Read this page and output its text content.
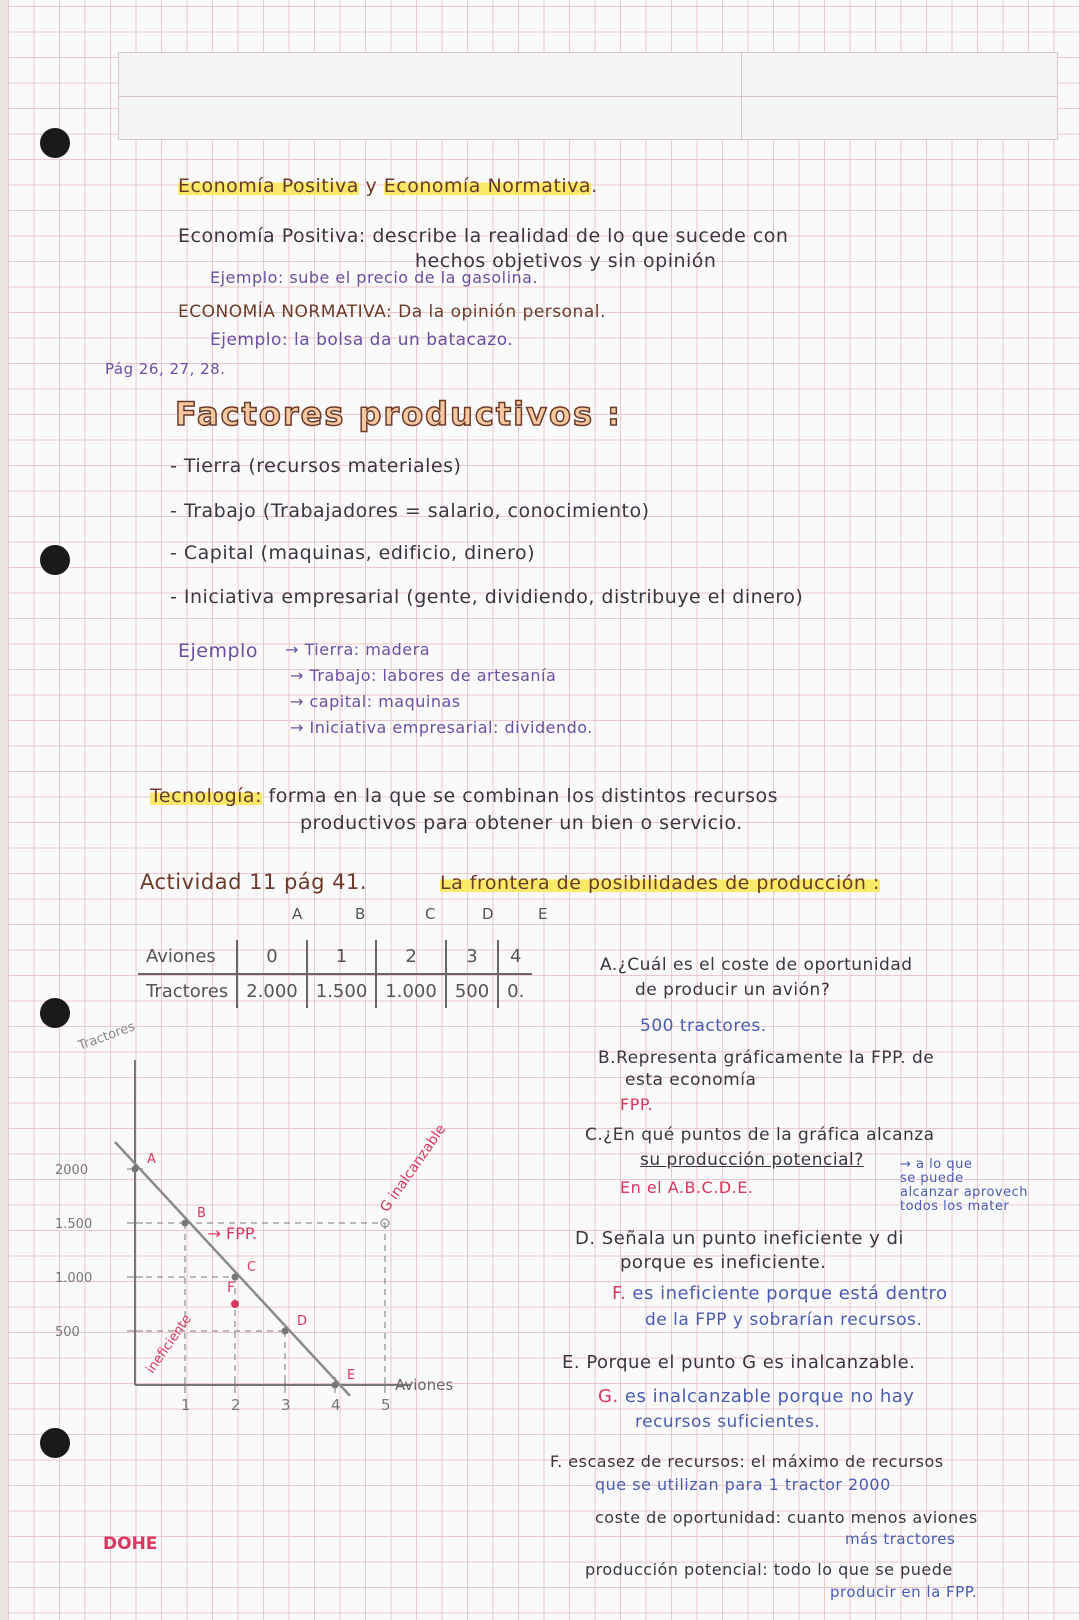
Economía Positiva y Economía Normativa.
Economía Positiva: describe la realidad de lo que sucede con
hechos objetivos y sin opinión
Ejemplo: sube el precio de la gasolina.
ECONOMÍA NORMATIVA: Da la opinión personal.
Ejemplo: la bolsa da un batacazo.
Pág 26, 27, 28.
Factores productivos :
- Tierra (recursos materiales)
- Trabajo (Trabajadores = salario, conocimiento)
- Capital (maquinas, edificio, dinero)
- Iniciativa empresarial (gente, dividiendo, distribuye el dinero)
Ejemplo → Tierra: madera
→ Trabajo: labores de artesanía
→ capital: maquinas
→ Iniciativa empresarial: dividendo.
Tecnología: forma en la que se combinan los distintos recursos
productivos para obtener un bien o servicio.
Actividad 11 pág 41.	La frontera de posibilidades de producción :
A	B	C	D	E
Aviones	0	1	2	3	4
Tractores	2.000	1.500	1.000	500	0.
A.¿Cuál es el coste de oportunidad
de producir un avión?
500 tractores.
B.Representa gráficamente la FPP. de
esta economía
FPP.
C.¿En qué puntos de la gráfica alcanza
su producción potencial?
En el A.B.C.D.E.
→ a lo que
se puede
alcanzar aprovech
todos los mater
D. Señala un punto ineficiente y di
porque es ineficiente.
F. es ineficiente porque está dentro
de la FPP y sobrarían recursos.
E. Porque el punto G es inalcanzable.
G. es inalcanzable porque no hay
recursos suficientes.
F. escasez de recursos: el máximo de recursos
que se utilizan para 1 tractor 2000
coste de oportunidad: cuanto menos aviones
más tractores
producción potencial: todo lo que se puede
producir en la FPP.
Tractores
Aviones
500
1.000
1.500
2000
1	2	3	4	5
A
B
C
D
E
G inalcanzable
F
ineficiente
→ FPP.
DOHE
